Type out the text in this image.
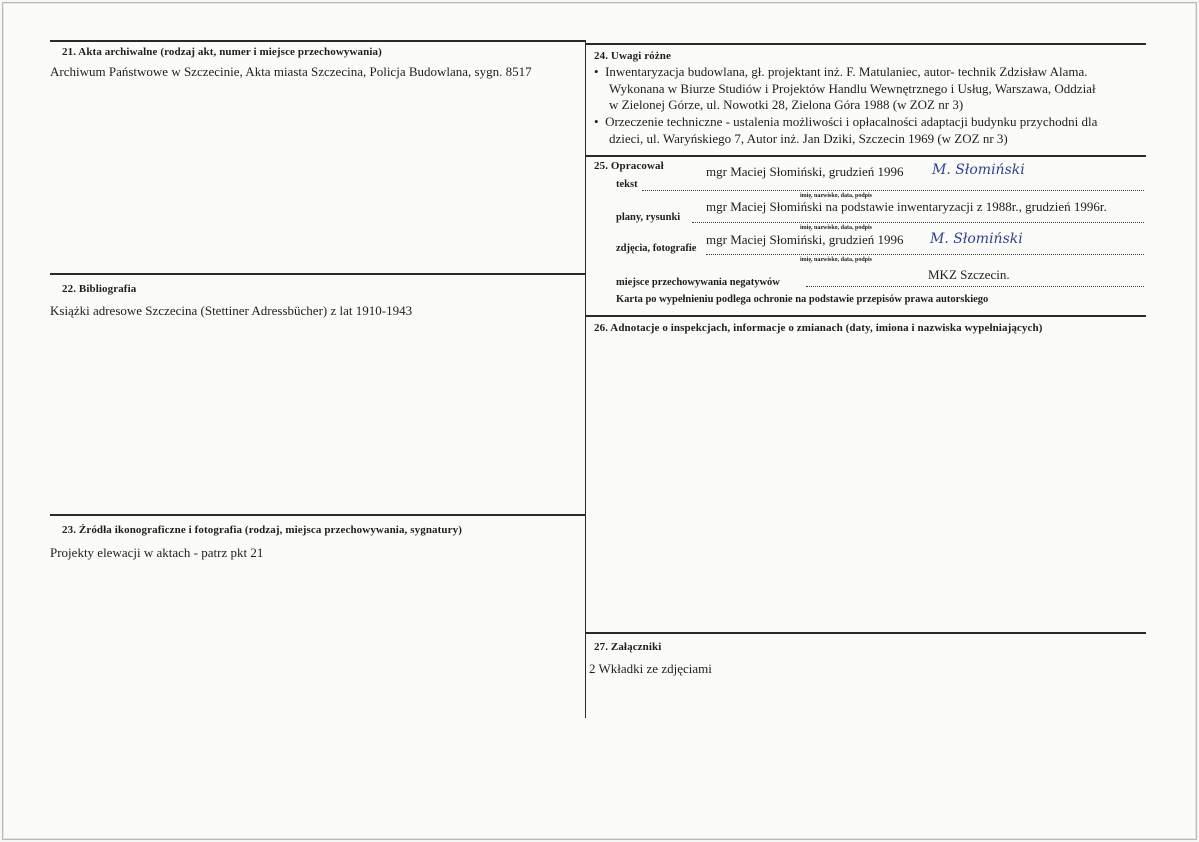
21. Akta archiwalne (rodzaj akt, numer i miejsce przechowywania)
Archiwum Państwowe w Szczecinie, Akta miasta Szczecina, Policja Budowlana, sygn. 8517
22. Bibliografia
Książki adresowe Szczecina (Stettiner Adressbücher) z lat 1910-1943
23. Źródła ikonograficzne i fotografia (rodzaj, miejsca przechowywania, sygnatury)
Projekty elewacji w aktach - patrz pkt 21
24. Uwagi różne
•  Inwentaryzacja budowlana, gł. projektant inż. F. Matulaniec, autor- technik Zdzisław Alama.
Wykonana w Biurze Studiów i Projektów Handlu Wewnętrznego i Usług, Warszawa, Oddział
w Zielonej Górze, ul. Nowotki 28, Zielona Góra 1988 (w ZOZ nr 3)
•  Orzeczenie techniczne - ustalenia możliwości i opłacalności adaptacji budynku przychodni dla
dzieci, ul. Waryńskiego 7, Autor inż. Jan Dziki, Szczecin 1969 (w ZOZ nr 3)
25. Opracował	mgr Maciej Słomiński, grudzień 1996 M. Słomiński
tekst
imię, nazwisko, data, podpis
mgr Maciej Słomiński na podstawie inwentaryzacji z 1988r., grudzień 1996r.
plany, rysunki
imię, nazwisko, data, podpis
mgr Maciej Słomiński, grudzień 1996 M. Słomiński
zdjęcia, fotografie
imię, nazwisko, data, podpis
MKZ Szczecin.
miejsce przechowywania negatywów
Karta po wypełnieniu podlega ochronie na podstawie przepisów prawa autorskiego
26. Adnotacje o inspekcjach, informacje o zmianach (daty, imiona i nazwiska wypełniających)
27. Załączniki
2 Wkładki ze zdjęciami
